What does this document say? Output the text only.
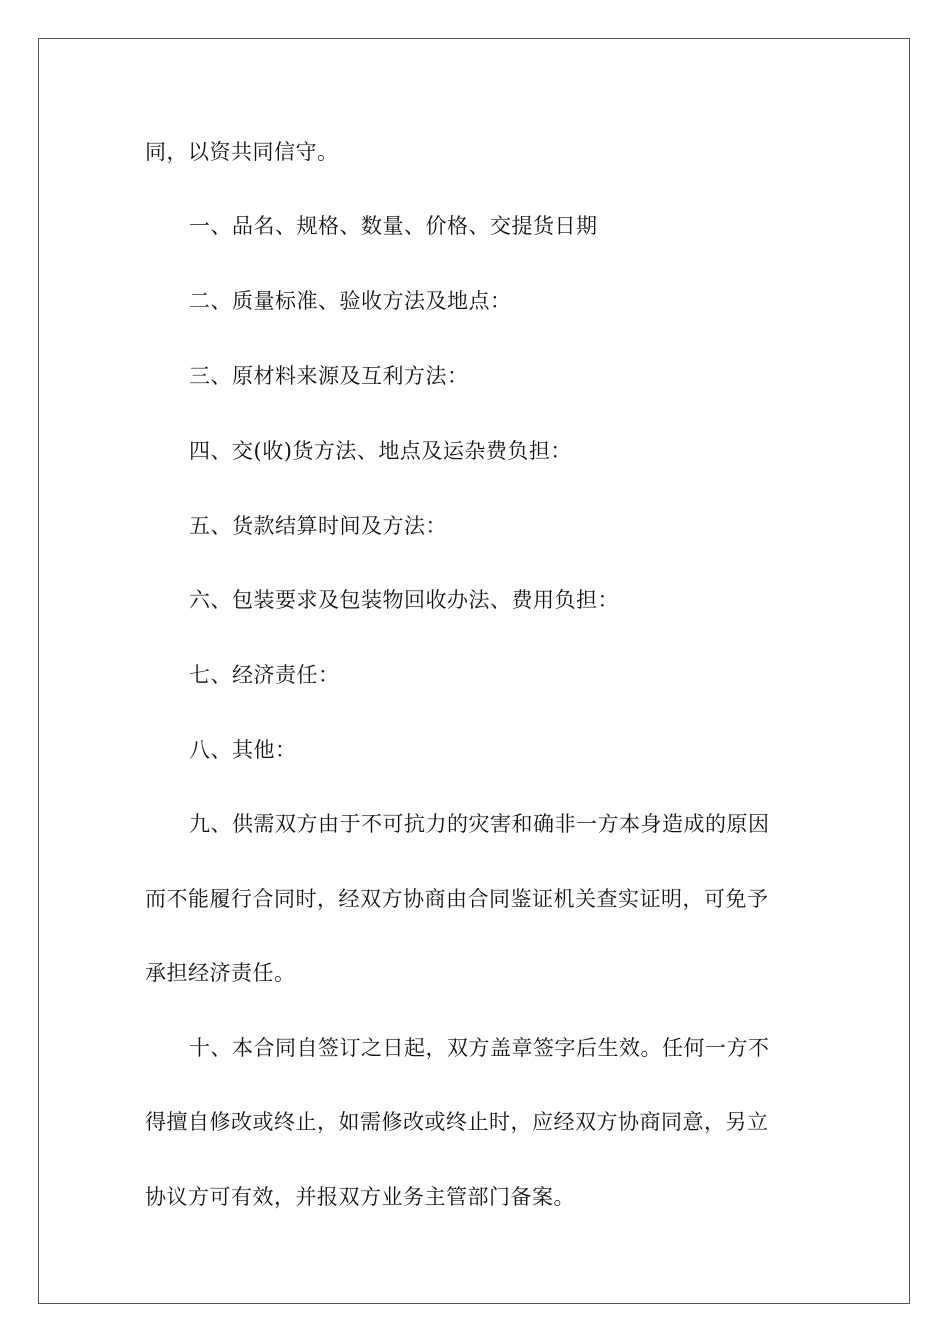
同，以资共同信守。
一、品名、规格、数量、价格、交提货日期
二、质量标准、验收方法及地点：
三、原材料来源及互利方法：
四、交(收)货方法、地点及运杂费负担：
五、货款结算时间及方法：
六、包装要求及包装物回收办法、费用负担：
七、经济责任：
八、其他：
九、供需双方由于不可抗力的灾害和确非一方本身造成的原因
而不能履行合同时，经双方协商由合同鉴证机关查实证明，可免予
承担经济责任。
十、本合同自签订之日起，双方盖章签字后生效。任何一方不
得擅自修改或终止，如需修改或终止时，应经双方协商同意，另立
协议方可有效，并报双方业务主管部门备案。
